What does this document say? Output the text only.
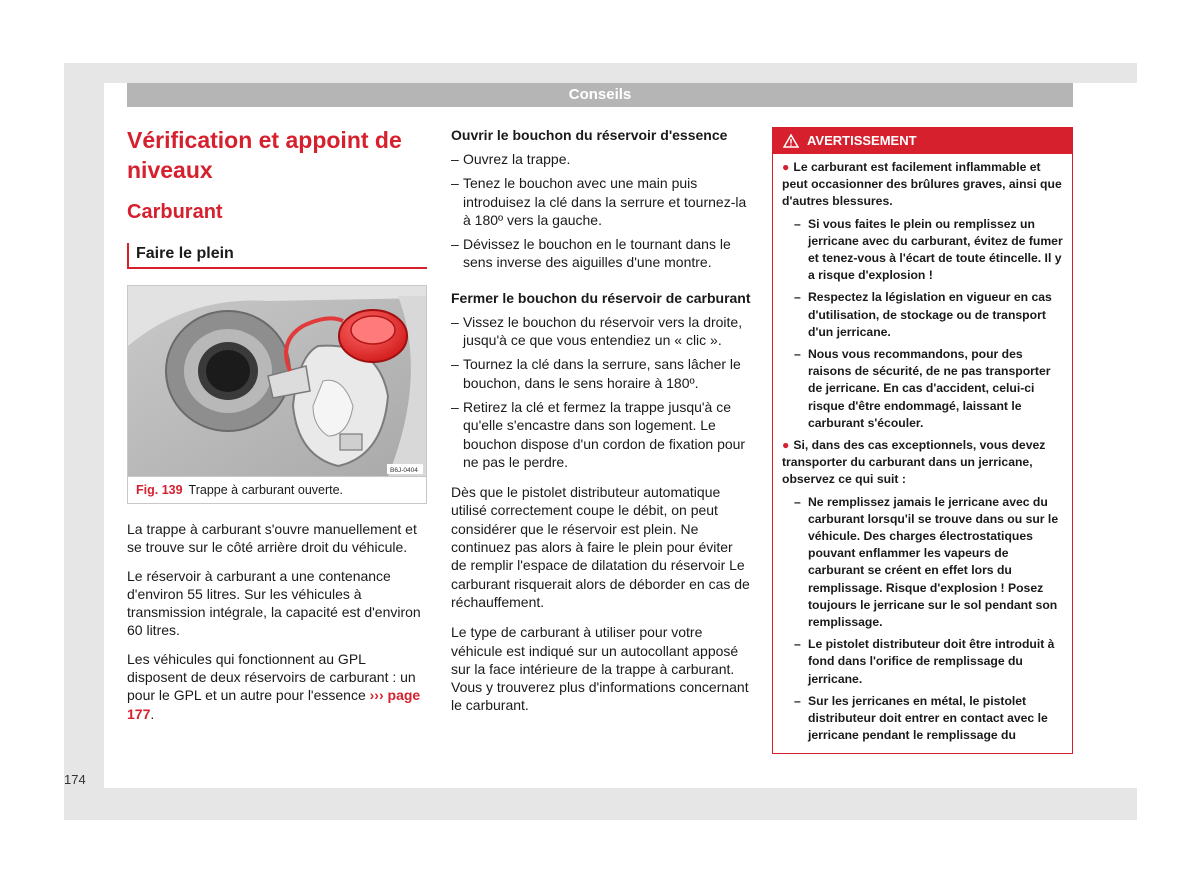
Conseils
174
Vérification et appoint de niveaux
Carburant
Faire le plein
B6J-0404
Fig. 139 Trappe à carburant ouverte.

La trappe à carburant s'ouvre manuellement et se trouve sur le côté arrière droit du véhicule.

Le réservoir à carburant a une contenance d'environ 55 litres. Sur les véhicules à transmission intégrale, la capacité est d'environ 60 litres.

Les véhicules qui fonctionnent au GPL disposent de deux réservoirs de carburant : un pour le GPL et un autre pour l'essence ››› page 177.

Ouvrir le bouchon du réservoir d'essence
– Ouvrez la trappe.
– Tenez le bouchon avec une main puis introduisez la clé dans la serrure et tournez-la à 180º vers la gauche.
– Dévissez le bouchon en le tournant dans le sens inverse des aiguilles d'une montre.
Fermer le bouchon du réservoir de carburant
– Vissez le bouchon du réservoir vers la droite, jusqu'à ce que vous entendiez un « clic ».
– Tournez la clé dans la serrure, sans lâcher le bouchon, dans le sens horaire à 180º.
– Retirez la clé et fermez la trappe jusqu'à ce qu'elle s'encastre dans son logement. Le bouchon dispose d'un cordon de fixation pour ne pas le perdre.

Dès que le pistolet distributeur automatique utilisé correctement coupe le débit, on peut considérer que le réservoir est plein. Ne continuez pas alors à faire le plein pour éviter de remplir l'espace de dilatation du réservoir Le carburant risquerait alors de déborder en cas de réchauffement.

Le type de carburant à utiliser pour votre véhicule est indiqué sur un autocollant apposé sur la face intérieure de la trappe à carburant. Vous y trouverez plus d'informations concernant le carburant.

AVERTISSEMENT
● Le carburant est facilement inflammable et peut occasionner des brûlures graves, ainsi que d'autres blessures.
– Si vous faites le plein ou remplissez un jerricane avec du carburant, évitez de fumer et tenez-vous à l'écart de toute étincelle. Il y a risque d'explosion !
– Respectez la législation en vigueur en cas d'utilisation, de stockage ou de transport d'un jerricane.
– Nous vous recommandons, pour des raisons de sécurité, de ne pas transporter de jerricane. En cas d'accident, celui-ci risque d'être endommagé, laissant le carburant s'écouler.
● Si, dans des cas exceptionnels, vous devez transporter du carburant dans un jerricane, observez ce qui suit :
– Ne remplissez jamais le jerricane avec du carburant lorsqu'il se trouve dans ou sur le véhicule. Des charges électrostatiques pouvant enflammer les vapeurs de carburant se créent en effet lors du remplissage. Risque d'explosion ! Posez toujours le jerricane sur le sol pendant son remplissage.
– Le pistolet distributeur doit être introduit à fond dans l'orifice de remplissage du jerricane.
– Sur les jerricanes en métal, le pistolet distributeur doit entrer en contact avec le jerricane pendant le remplissage du
